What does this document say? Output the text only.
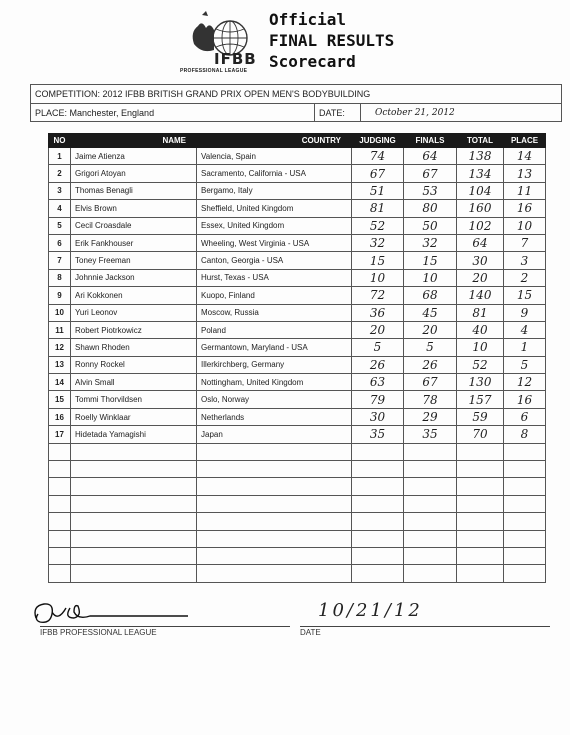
IFBB
PROFESSIONAL LEAGUE
Official
FINAL RESULTS
Scorecard
COMPETITION: 2012 IFBB BRITISH GRAND PRIX OPEN MEN'S BODYBUILDING
PLACE: Manchester, England	DATE:	October 21, 2012
NO	NAME	COUNTRY	JUDGING	FINALS	TOTAL	PLACE
1	Jaime Atienza	Valencia, Spain	74	64	138	14
2	Grigori Atoyan	Sacramento, California - USA	67	67	134	13
3	Thomas Benagli	Bergamo, Italy	51	53	104	11
4	Elvis Brown	Sheffield, United Kingdom	81	80	160	16
5	Cecil Croasdale	Essex, United Kingdom	52	50	102	10
6	Erik Fankhouser	Wheeling, West Virginia - USA	32	32	64	7
7	Toney Freeman	Canton, Georgia - USA	15	15	30	3
8	Johnnie Jackson	Hurst, Texas - USA	10	10	20	2
9	Ari Kokkonen	Kuopo, Finland	72	68	140	15
10	Yuri Leonov	Moscow, Russia	36	45	81	9
11	Robert Piotrkowicz	Poland	20	20	40	4
12	Shawn Rhoden	Germantown, Maryland - USA	5	5	10	1
13	Ronny Rockel	Illerkirchberg, Germany	26	26	52	5
14	Alvin Small	Nottingham, United Kingdom	63	67	130	12
15	Tommi Thorvildsen	Oslo, Norway	79	78	157	16
16	Roelly Winklaar	Netherlands	30	29	59	6
17	Hidetada Yamagishi	Japan	35	35	70	8

IFBB PROFESSIONAL LEAGUE
10/21/12
DATE
